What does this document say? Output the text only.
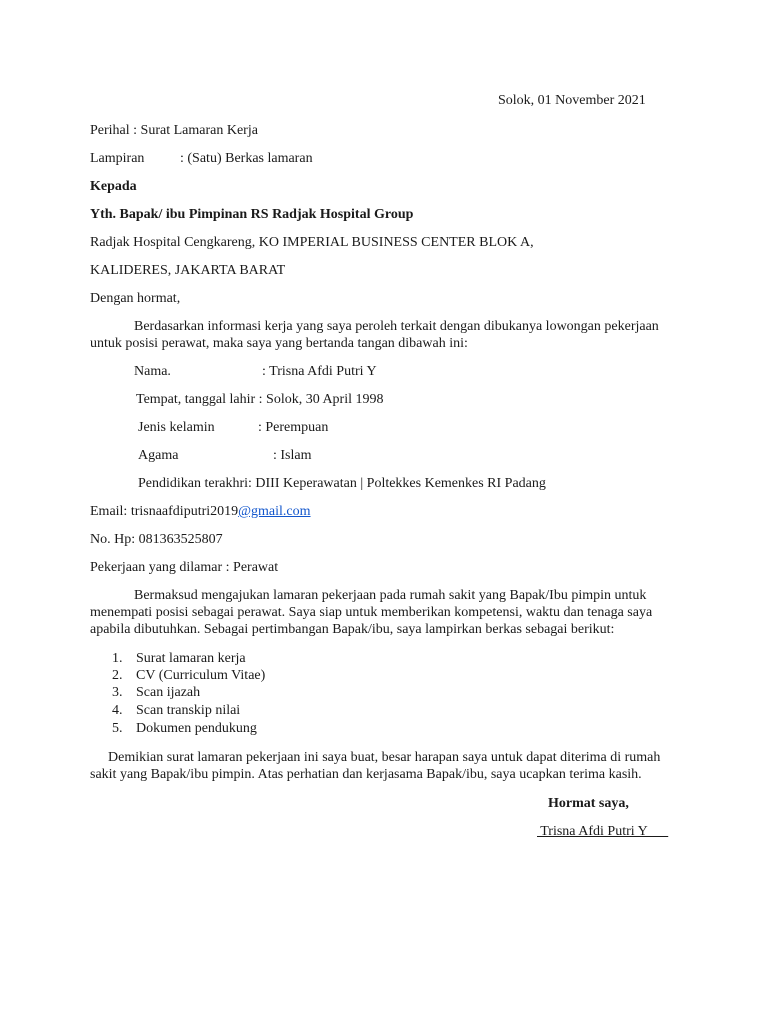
Solok, 01 November 2021
Perihal : Surat Lamaran Kerja
Lampiran	: (Satu) Berkas lamaran
Kepada
Yth. Bapak/ ibu Pimpinan RS Radjak Hospital Group
Radjak Hospital Cengkareng, KO IMPERIAL BUSINESS CENTER BLOK A,
KALIDERES, JAKARTA BARAT
Dengan hormat,
Berdasarkan informasi kerja yang saya peroleh terkait dengan dibukanya lowongan pekerjaan
untuk posisi perawat, maka saya yang bertanda tangan dibawah ini:
Nama.	: Trisna Afdi Putri Y
Tempat, tanggal lahir : Solok, 30 April 1998
Jenis kelamin	: Perempuan
Agama	: Islam
Pendidikan terakhri: DIII Keperawatan | Poltekkes Kemenkes RI Padang
Email: trisnaafdiputri2019@gmail.com
No. Hp: 081363525807
Pekerjaan yang dilamar : Perawat
Bermaksud mengajukan lamaran pekerjaan pada rumah sakit yang Bapak/Ibu pimpin untuk
menempati posisi sebagai perawat. Saya siap untuk memberikan kompetensi, waktu dan tenaga saya
apabila dibutuhkan. Sebagai pertimbangan Bapak/ibu, saya lampirkan berkas sebagai berikut:
1. Surat lamaran kerja
2. CV (Curriculum Vitae)
3. Scan ijazah
4. Scan transkip nilai
5. Dokumen pendukung
Demikian surat lamaran pekerjaan ini saya buat, besar harapan saya untuk dapat diterima di rumah
sakit yang Bapak/ibu pimpin. Atas perhatian dan kerjasama Bapak/ibu, saya ucapkan terima kasih.
Hormat saya,
Trisna Afdi Putri Y
